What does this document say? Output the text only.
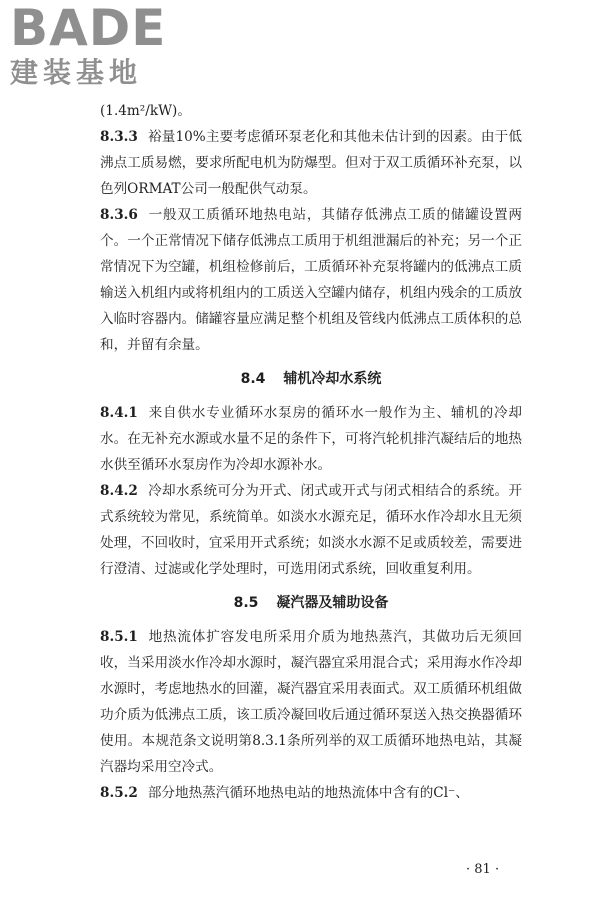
BADE
建装基地

(1.4m²/kW)。

8.3.3 裕量10%主要考虑循环泵老化和其他未估计到的因素。由于低沸点工质易燃，要求所配电机为防爆型。但对于双工质循环补充泵，以色列ORMAT公司一般配供气动泵。

8.3.6 一般双工质循环地热电站，其储存低沸点工质的储罐设置两个。一个正常情况下储存低沸点工质用于机组泄漏后的补充；另一个正常情况下为空罐，机组检修前后，工质循环补充泵将罐内的低沸点工质输送入机组内或将机组内的工质送入空罐内储存，机组内残余的工质放入临时容器内。储罐容量应满足整个机组及管线内低沸点工质体积的总和，并留有余量。

8.4 辅机冷却水系统

8.4.1 来自供水专业循环水泵房的循环水一般作为主、辅机的冷却水。在无补充水源或水量不足的条件下，可将汽轮机排汽凝结后的地热水供至循环水泵房作为冷却水源补水。

8.4.2 冷却水系统可分为开式、闭式或开式与闭式相结合的系统。开式系统较为常见，系统简单。如淡水水源充足，循环水作冷却水且无须处理，不回收时，宜采用开式系统；如淡水水源不足或质较差，需要进行澄清、过滤或化学处理时，可选用闭式系统，回收重复利用。

8.5 凝汽器及辅助设备

8.5.1 地热流体扩容发电所采用介质为地热蒸汽，其做功后无须回收，当采用淡水作冷却水源时，凝汽器宜采用混合式；采用海水作冷却水源时，考虑地热水的回灌，凝汽器宜采用表面式。双工质循环机组做功介质为低沸点工质，该工质冷凝回收后通过循环泵送入热交换器循环使用。本规范条文说明第8.3.1条所列举的双工质循环地热电站，其凝汽器均采用空冷式。

8.5.2 部分地热蒸汽循环地热电站的地热流体中含有的Cl⁻、

· 81 ·
